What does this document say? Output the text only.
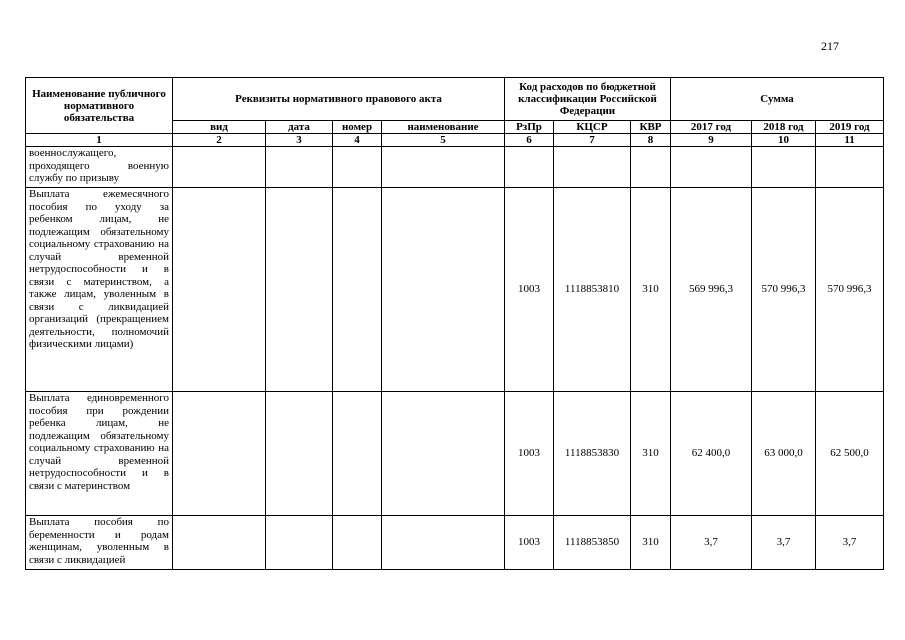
217
Наименование публичного нормативного обязательства	Реквизиты нормативного правового акта				Код расходов по бюджетной классификации Российской Федерации			Сумма		
	вид	дата	номер	наименование	РзПр	КЦСР	КВР	2017 год	2018 год	2019 год
1	2	3	4	5	6	7	8	9	10	11
военнослужащего, проходящего военную службу по призыву										
Выплата ежемесячного пособия по уходу за ребенком лицам, не подлежащим обязательному социальному страхованию на случай временной нетрудоспособности и в связи с материнством, а также лицам, уволенным в связи с ликвидацией организаций (прекращением деятельности, полномочий физическими лицами)					1003	1118853810	310	569 996,3	570 996,3	570 996,3
Выплата единовременного пособия при рождении ребенка лицам, не подлежащим обязательному социальному страхованию на случай временной нетрудоспособности и в связи с материнством					1003	1118853830	310	62 400,0	63 000,0	62 500,0
Выплата пособия по беременности и родам женщинам, уволенным в связи с ликвидацией					1003	1118853850	310	3,7	3,7	3,7
